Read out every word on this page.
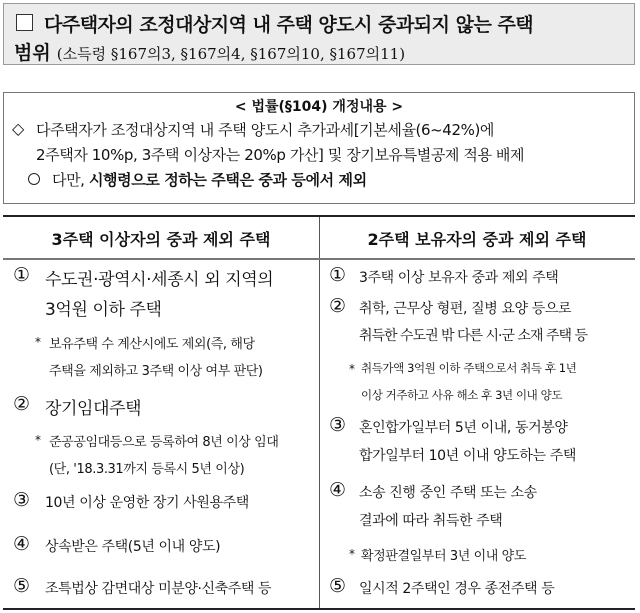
다주택자의 조정대상지역 내 주택 양도시 중과되지 않는 주택
범위 (소득령 §167의3, §167의4, §167의10, §167의11)
< 법률(§104) 개정내용 >
◇ 다주택자가 조정대상지역 내 주택 양도시 추가과세[기본세율(6~42%)에
2주택자 10%p, 3주택 이상자는 20%p 가산] 및 장기보유특별공제 적용 배제
다만, 시행령으로 정하는 주택은 중과 등에서 제외
3주택 이상자의 중과 제외 주택	2주택 보유자의 중과 제외 주택
① 수도권·광역시·세종시 외 지역의
3억원 이하 주택
* 보유주택 수 계산시에도 제외(즉, 해당
주택을 제외하고 3주택 이상 여부 판단)
② 장기임대주택
* 준공공임대등으로 등록하여 8년 이상 임대
(단, '18.3.31까지 등록시 5년 이상)
③ 10년 이상 운영한 장기 사원용주택
④ 상속받은 주택(5년 이내 양도)
⑤ 조특법상 감면대상 미분양·신축주택 등
① 3주택 이상 보유자 중과 제외 주택
② 취학, 근무상 형편, 질병 요양 등으로
취득한 수도권 밖 다른 시·군 소재 주택 등
* 취득가액 3억원 이하 주택으로서 취득 후 1년
이상 거주하고 사유 해소 후 3년 이내 양도
③ 혼인합가일부터 5년 이내, 동거봉양
합가일부터 10년 이내 양도하는 주택
④ 소송 진행 중인 주택 또는 소송
결과에 따라 취득한 주택
* 확정판결일부터 3년 이내 양도
⑤ 일시적 2주택인 경우 종전주택 등
